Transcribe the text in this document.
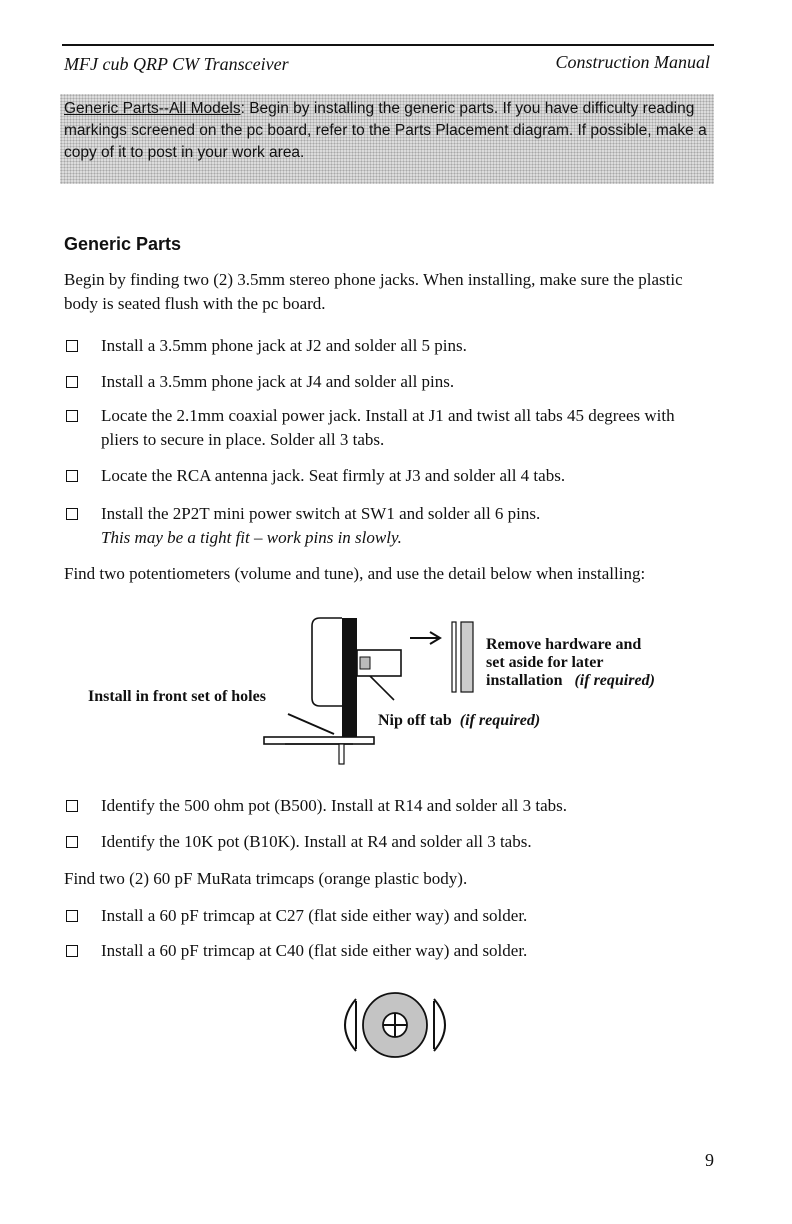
MFJ cub QRP CW Transceiver	Construction Manual
Generic Parts--All Models: Begin by installing the generic parts. If you have difficulty reading markings screened on the pc board, refer to the Parts Placement diagram. If possible, make a copy of it to post in your work area.
Generic Parts

Begin by finding two (2) 3.5mm stereo phone jacks. When installing, make sure the plastic body is seated flush with the pc board.

Install a 3.5mm phone jack at J2 and solder all 5 pins.
Install a 3.5mm phone jack at J4 and solder all pins.
Locate the 2.1mm coaxial power jack. Install at J1 and twist all tabs 45 degrees with pliers to secure in place. Solder all 3 tabs.
Locate the RCA antenna jack. Seat firmly at J3 and solder all 4 tabs.
Install the 2P2T mini power switch at SW1 and solder all 6 pins.
This may be a tight fit – work pins in slowly.

Find two potentiometers (volume and tune), and use the detail below when installing:

Install in front set of holes
Remove hardware and
set aside for later
installation (if required)
Nip off tab (if required)
Identify the 500 ohm pot (B500). Install at R14 and solder all 3 tabs.
Identify the 10K pot (B10K). Install at R4 and solder all 3 tabs.

Find two (2) 60 pF MuRata trimcaps (orange plastic body).

Install a 60 pF trimcap at C27 (flat side either way) and solder.
Install a 60 pF trimcap at C40 (flat side either way) and solder.
9
